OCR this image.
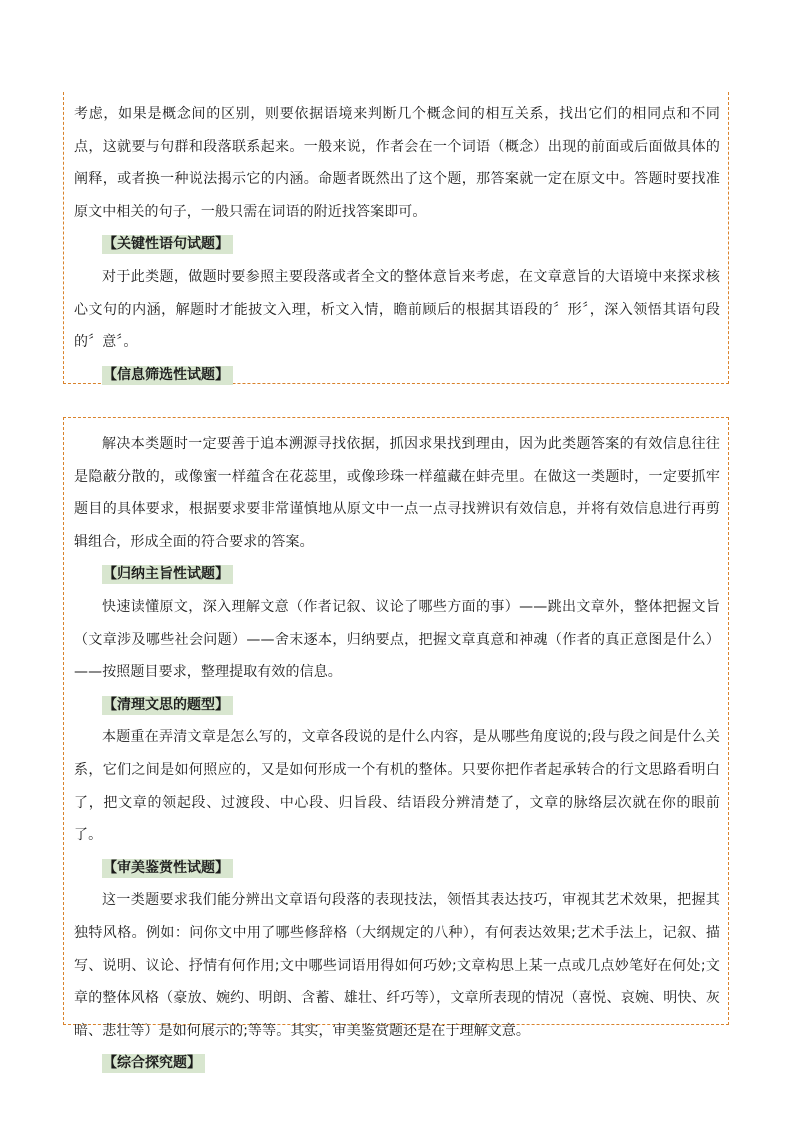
考虑，如果是概念间的区别，则要依据语境来判断几个概念间的相互关系，找出它们的相同点和不同点，这就要与句群和段落联系起来。一般来说，作者会在一个词语（概念）出现的前面或后面做具体的阐释，或者换一种说法揭示它的内涵。命题者既然出了这个题，那答案就一定在原文中。答题时要找准原文中相关的句子，一般只需在词语的附近找答案即可。

【关键性语句试题】

对于此类题，做题时要参照主要段落或者全文的整体意旨来考虑，在文章意旨的大语境中来探求核心文句的内涵，解题时才能披文入理，析文入情，瞻前顾后的根据其语段的〞形〞，深入领悟其语句段的〞意〞。

【信息筛选性试题】

解决本类题时一定要善于追本溯源寻找依据，抓因求果找到理由，因为此类题答案的有效信息往往是隐蔽分散的，或像蜜一样蕴含在花蕊里，或像珍珠一样蕴藏在蚌壳里。在做这一类题时，一定要抓牢题目的具体要求，根据要求要非常谨慎地从原文中一点一点寻找辨识有效信息，并将有效信息进行再剪辑组合，形成全面的符合要求的答案。

【归纳主旨性试题】

快速读懂原文，深入理解文意（作者记叙、议论了哪些方面的事）——跳出文章外，整体把握文旨（文章涉及哪些社会问题）——舍末逐本，归纳要点，把握文章真意和神魂（作者的真正意图是什么）——按照题目要求，整理提取有效的信息。

【清理文思的题型】

本题重在弄清文章是怎么写的，文章各段说的是什么内容，是从哪些角度说的;段与段之间是什么关系，它们之间是如何照应的，又是如何形成一个有机的整体。只要你把作者起承转合的行文思路看明白了，把文章的领起段、过渡段、中心段、归旨段、结语段分辨清楚了，文章的脉络层次就在你的眼前了。

【审美鉴赏性试题】

这一类题要求我们能分辨出文章语句段落的表现技法，领悟其表达技巧，审视其艺术效果，把握其独特风格。例如：问你文中用了哪些修辞格（大纲规定的八种），有何表达效果;艺术手法上，记叙、描写、说明、议论、抒情有何作用;文中哪些词语用得如何巧妙;文章构思上某一点或几点妙笔好在何处;文章的整体风格（豪放、婉约、明朗、含蓄、雄壮、纤巧等），文章所表现的情况（喜悦、哀婉、明快、灰暗、悲壮等）是如何展示的;等等。其实，审美鉴赏题还是在于理解文意。

【综合探究题】
